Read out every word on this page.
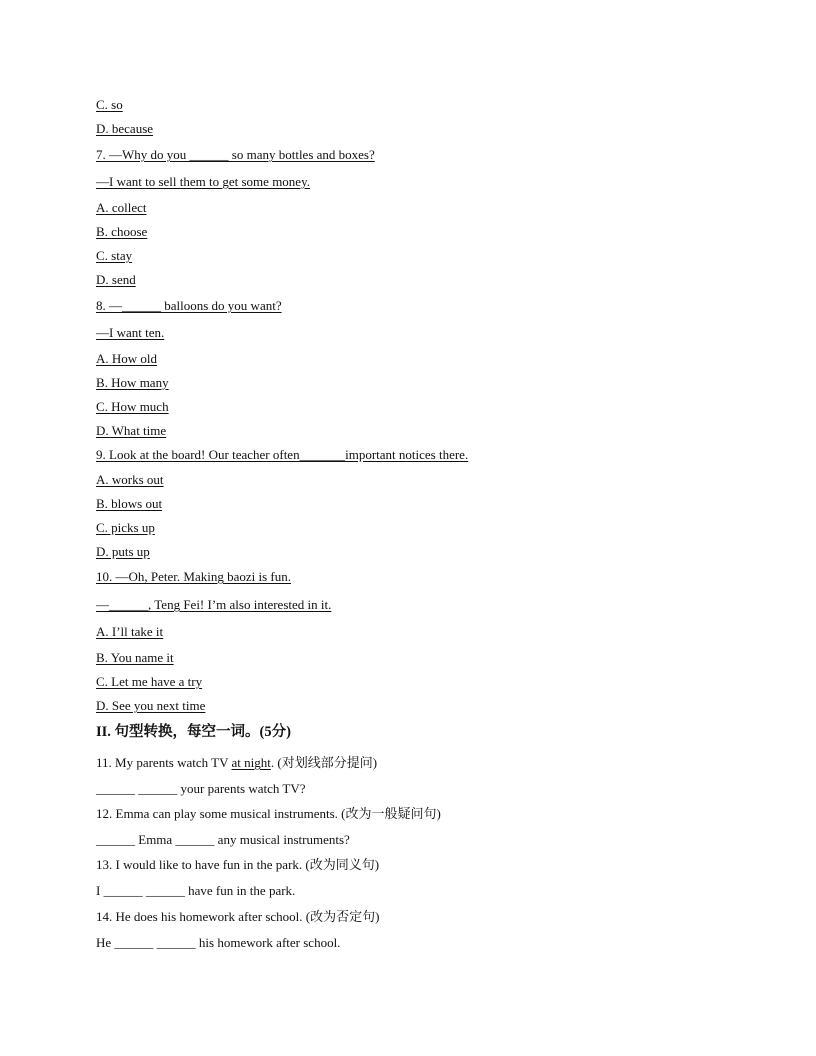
C. so
D. because
7. —Why do you ______ so many bottles and boxes?
—I want to sell them to get some money.
A. collect
B. choose
C. stay
D. send
8. —______ balloons do you want?
—I want ten.
A. How old
B. How many
C. How much
D. What time
9. Look at the board! Our teacher often_______important notices there.
A. works out
B. blows out
C. picks up
D. puts up
10. —Oh, Peter. Making baozi is fun.
—______, Teng Fei! I’m also interested in it.
A. I’ll take it
B. You name it
C. Let me have a try
D. See you next time
II. 句型转换，每空一词。(5分)
11. My parents watch TV at night. (对划线部分提问)
______ ______ your parents watch TV?
12. Emma can play some musical instruments. (改为一般疑问句)
______ Emma ______ any musical instruments?
13. I would like to have fun in the park. (改为同义句)
I ______ ______ have fun in the park.
14. He does his homework after school. (改为否定句)
He ______ ______ his homework after school.
